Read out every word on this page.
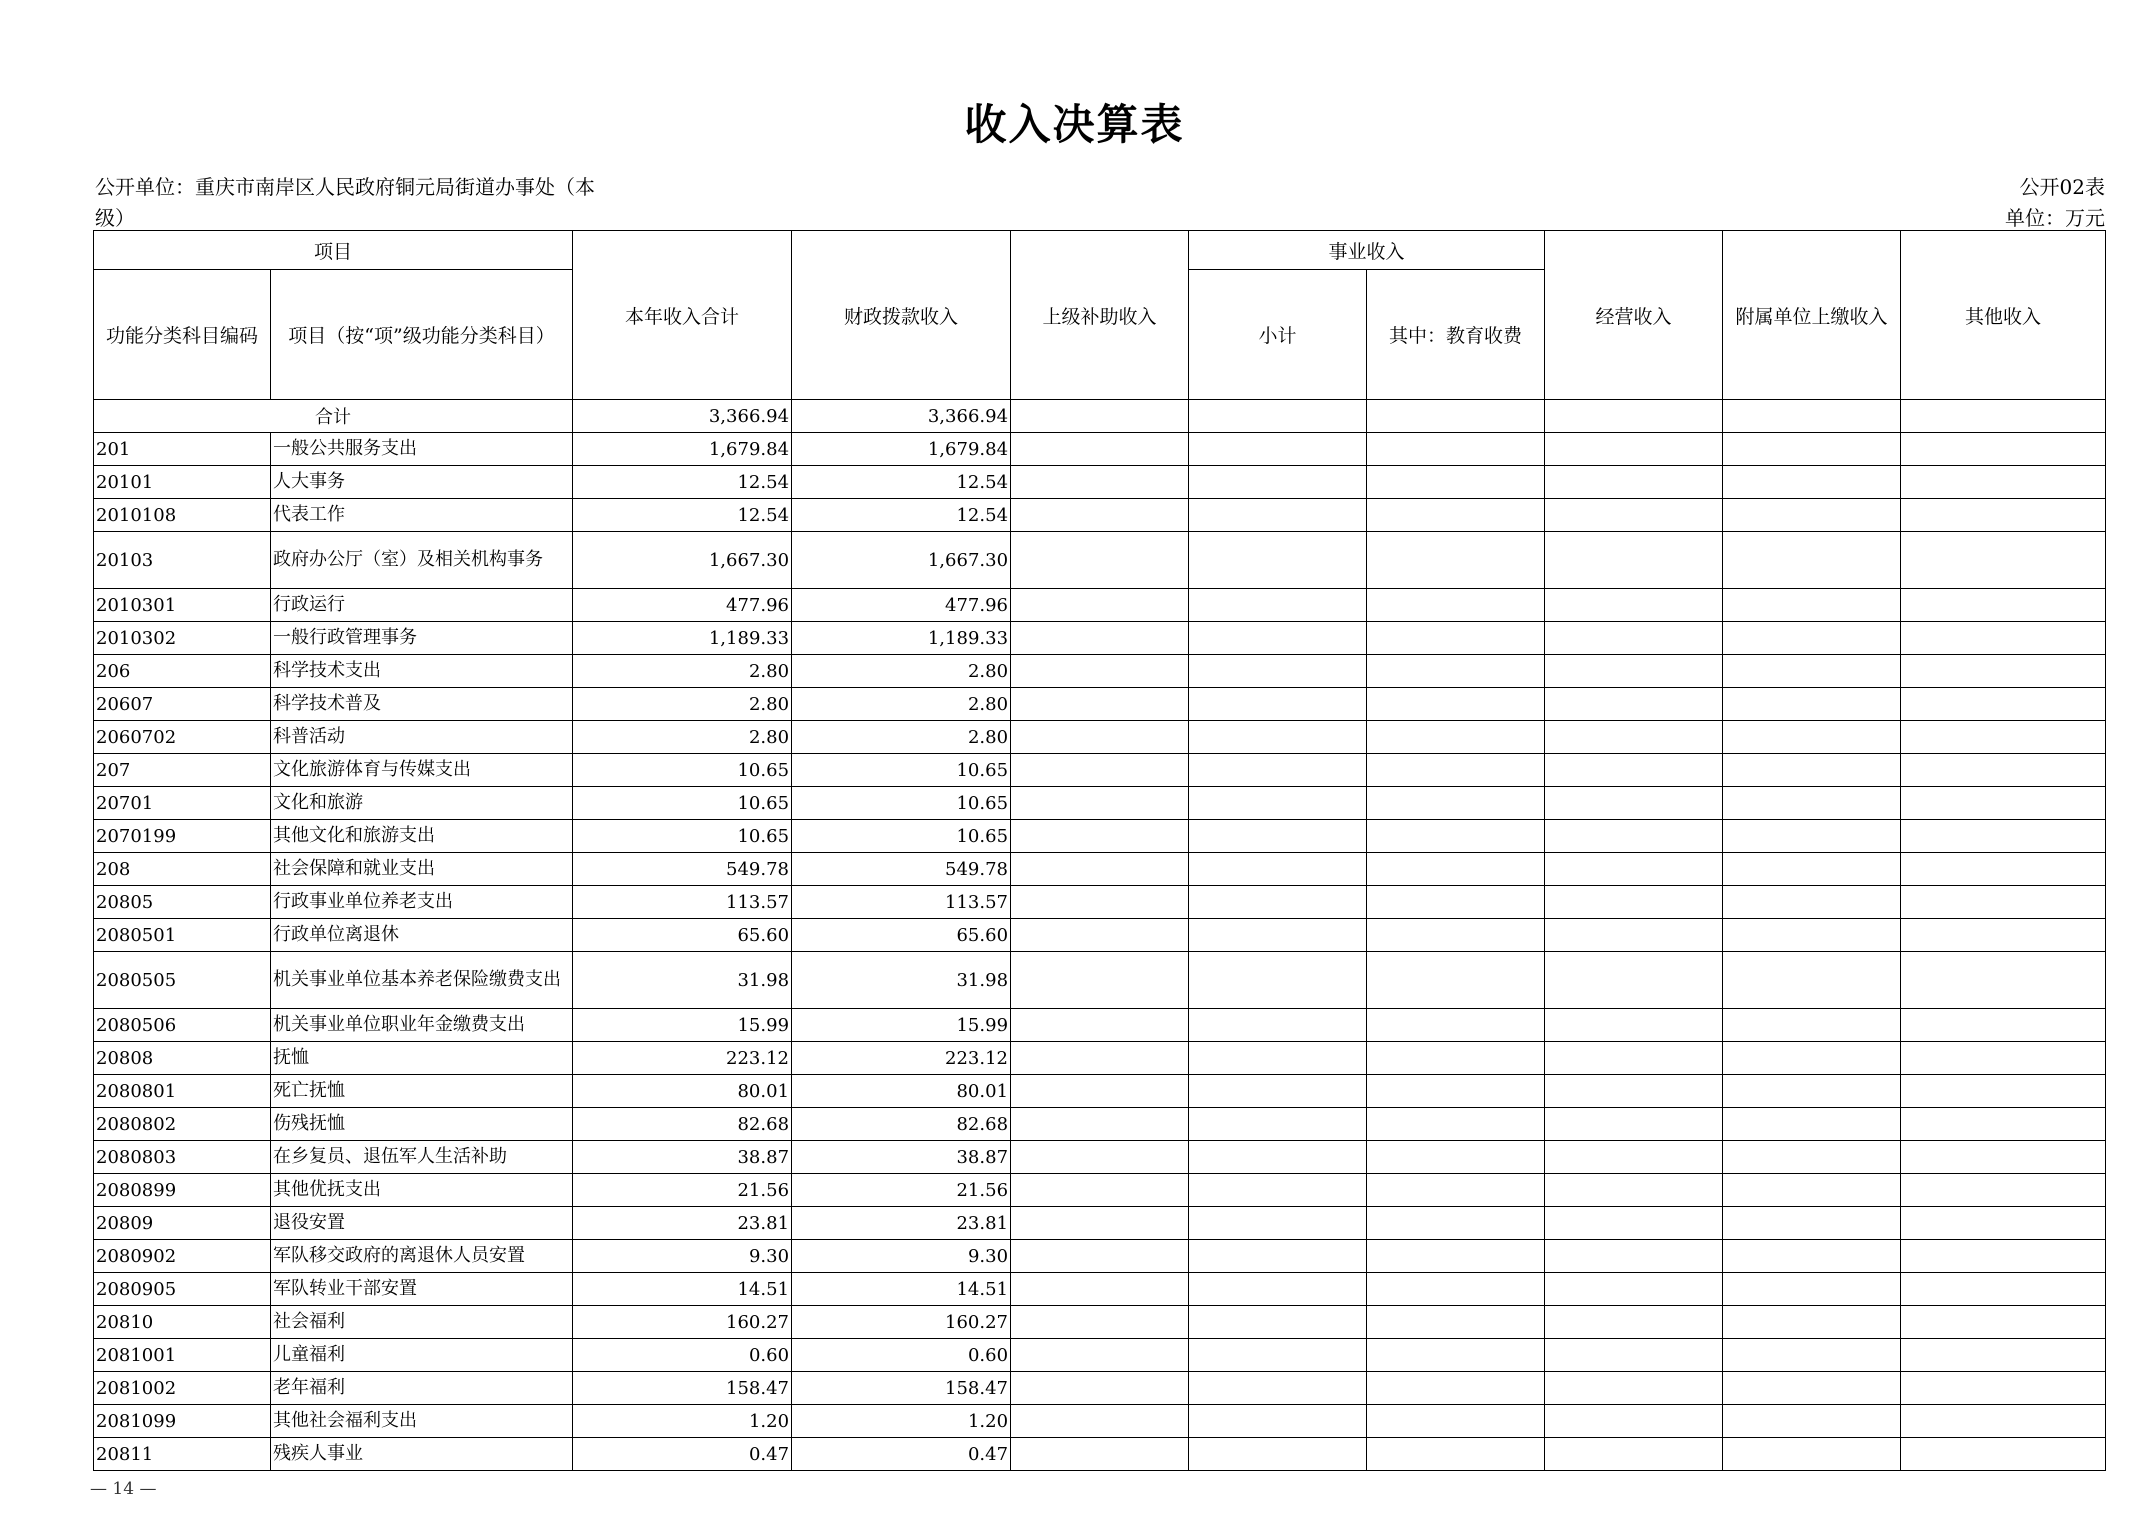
收入决算表
公开单位：重庆市南岸区人民政府铜元局街道办事处（本级）
公开02表
单位：万元
项目		本年收入合计	财政拨款收入	上级补助收入	事业收入		经营收入	附属单位上缴收入	其他收入
功能分类科目编码	项目（按“项”级功能分类科目）				小计	其中：教育收费			
合计		3,366.94	3,366.94						
201	一般公共服务支出	1,679.84	1,679.84						
20101	人大事务	12.54	12.54						
2010108	代表工作	12.54	12.54						
20103	政府办公厅（室）及相关机构事务	1,667.30	1,667.30						
2010301	行政运行	477.96	477.96						
2010302	一般行政管理事务	1,189.33	1,189.33						
206	科学技术支出	2.80	2.80						
20607	科学技术普及	2.80	2.80						
2060702	科普活动	2.80	2.80						
207	文化旅游体育与传媒支出	10.65	10.65						
20701	文化和旅游	10.65	10.65						
2070199	其他文化和旅游支出	10.65	10.65						
208	社会保障和就业支出	549.78	549.78						
20805	行政事业单位养老支出	113.57	113.57						
2080501	行政单位离退休	65.60	65.60						
2080505	机关事业单位基本养老保险缴费支出	31.98	31.98						
2080506	机关事业单位职业年金缴费支出	15.99	15.99						
20808	抚恤	223.12	223.12						
2080801	死亡抚恤	80.01	80.01						
2080802	伤残抚恤	82.68	82.68						
2080803	在乡复员、退伍军人生活补助	38.87	38.87						
2080899	其他优抚支出	21.56	21.56						
20809	退役安置	23.81	23.81						
2080902	军队移交政府的离退休人员安置	9.30	9.30						
2080905	军队转业干部安置	14.51	14.51						
20810	社会福利	160.27	160.27						
2081001	儿童福利	0.60	0.60						
2081002	老年福利	158.47	158.47						
2081099	其他社会福利支出	1.20	1.20						
20811	残疾人事业	0.47	0.47						
— 14 —
